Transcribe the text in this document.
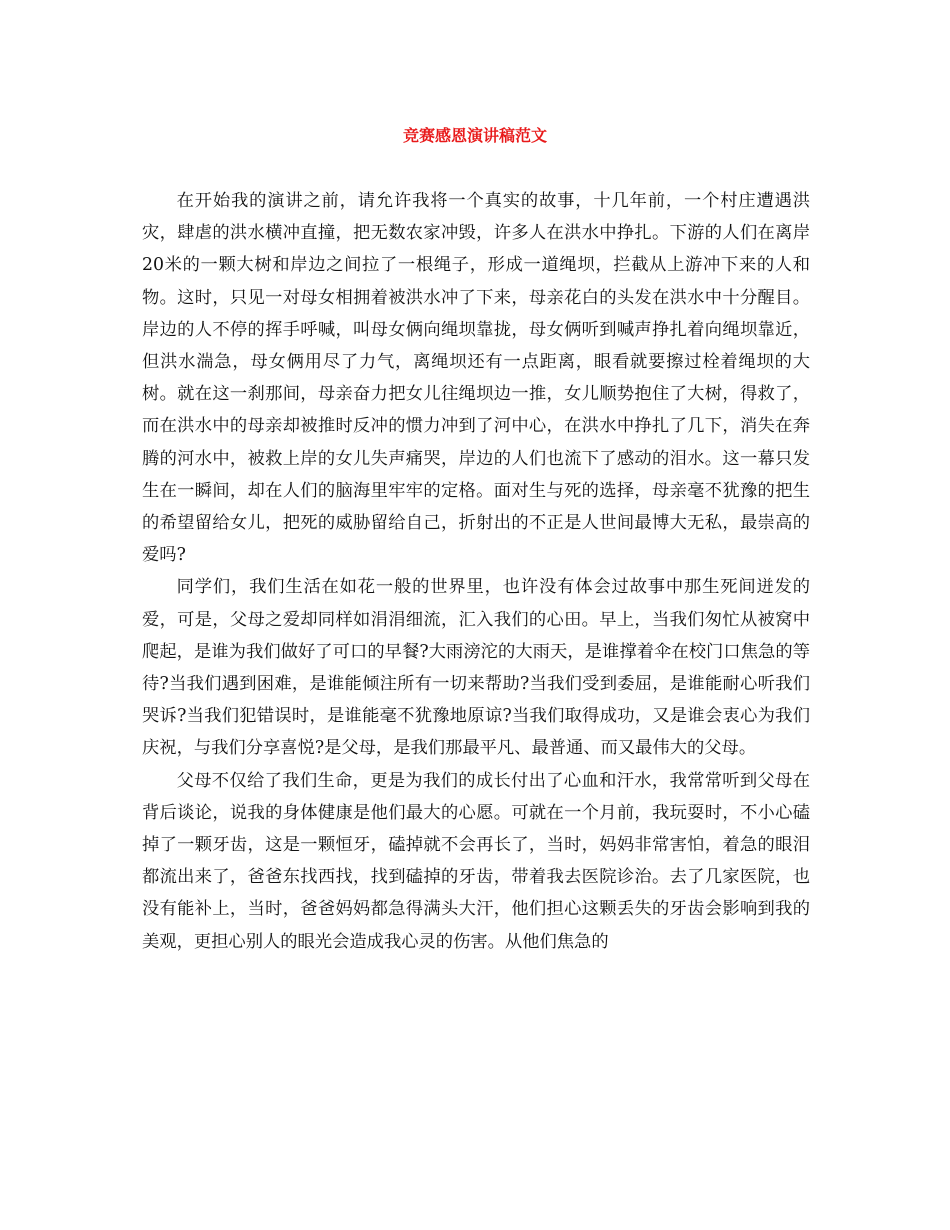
竞赛感恩演讲稿范文

在开始我的演讲之前，请允许我将一个真实的故事，十几年前，一个村庄遭遇洪灾，肆虐的洪水横冲直撞，把无数农家冲毁，许多人在洪水中挣扎。下游的人们在离岸20米的一颗大树和岸边之间拉了一根绳子，形成一道绳坝，拦截从上游冲下来的人和物。这时，只见一对母女相拥着被洪水冲了下来，母亲花白的头发在洪水中十分醒目。岸边的人不停的挥手呼喊，叫母女俩向绳坝靠拢，母女俩听到喊声挣扎着向绳坝靠近，但洪水湍急，母女俩用尽了力气，离绳坝还有一点距离，眼看就要擦过栓着绳坝的大树。就在这一刹那间，母亲奋力把女儿往绳坝边一推，女儿顺势抱住了大树，得救了，而在洪水中的母亲却被推时反冲的惯力冲到了河中心，在洪水中挣扎了几下，消失在奔腾的河水中，被救上岸的女儿失声痛哭，岸边的人们也流下了感动的泪水。这一幕只发生在一瞬间，却在人们的脑海里牢牢的定格。面对生与死的选择，母亲毫不犹豫的把生的希望留给女儿，把死的威胁留给自己，折射出的不正是人世间最博大无私，最崇高的爱吗?

同学们，我们生活在如花一般的世界里，也许没有体会过故事中那生死间迸发的爱，可是，父母之爱却同样如涓涓细流，汇入我们的心田。早上，当我们匆忙从被窝中爬起，是谁为我们做好了可口的早餐?大雨滂沱的大雨天，是谁撑着伞在校门口焦急的等待?当我们遇到困难，是谁能倾注所有一切来帮助?当我们受到委屈，是谁能耐心听我们哭诉?当我们犯错误时，是谁能毫不犹豫地原谅?当我们取得成功，又是谁会衷心为我们庆祝，与我们分享喜悦?是父母，是我们那最平凡、最普通、而又最伟大的父母。

父母不仅给了我们生命，更是为我们的成长付出了心血和汗水，我常常听到父母在背后谈论，说我的身体健康是他们最大的心愿。可就在一个月前，我玩耍时，不小心磕掉了一颗牙齿，这是一颗恒牙，磕掉就不会再长了，当时，妈妈非常害怕，着急的眼泪都流出来了，爸爸东找西找，找到磕掉的牙齿，带着我去医院诊治。去了几家医院，也没有能补上，当时，爸爸妈妈都急得满头大汗，他们担心这颗丢失的牙齿会影响到我的美观，更担心别人的眼光会造成我心灵的伤害。从他们焦急的
